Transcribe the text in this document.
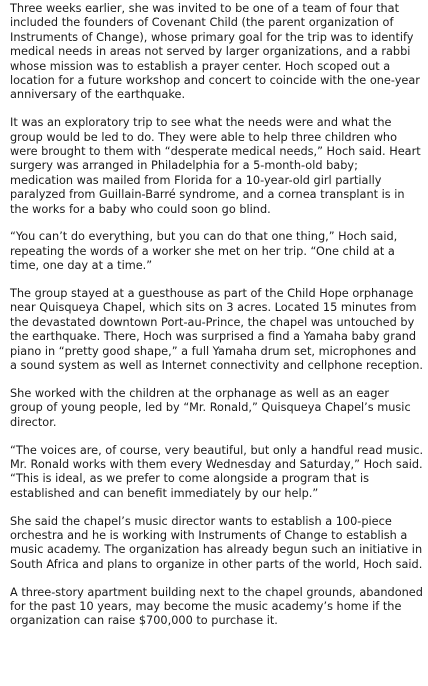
Three weeks earlier, she was invited to be one of a team of four that included the founders of Covenant Child (the parent organization of Instruments of Change), whose primary goal for the trip was to identify medical needs in areas not served by larger organizations, and a rabbi whose mission was to establish a prayer center. Hoch scoped out a location for a future workshop and concert to coincide with the one-year anniversary of the earthquake.

It was an exploratory trip to see what the needs were and what the group would be led to do. They were able to help three children who were brought to them with “desperate medical needs,” Hoch said. Heart surgery was arranged in Philadelphia for a 5-month-old baby; medication was mailed from Florida for a 10-year-old girl partially paralyzed from Guillain-Barré syndrome, and a cornea transplant is in the works for a baby who could soon go blind.

“You can’t do everything, but you can do that one thing,” Hoch said, repeating the words of a worker she met on her trip. “One child at a time, one day at a time.”

The group stayed at a guesthouse as part of the Child Hope orphanage near Quisqueya Chapel, which sits on 3 acres. Located 15 minutes from the devastated downtown Port-au-Prince, the chapel was untouched by the earthquake. There, Hoch was surprised a find a Yamaha baby grand piano in “pretty good shape,” a full Yamaha drum set, microphones and a sound system as well as Internet connectivity and cellphone reception.

She worked with the children at the orphanage as well as an eager group of young people, led by “Mr. Ronald,” Quisqueya Chapel’s music director.

“The voices are, of course, very beautiful, but only a handful read music. Mr. Ronald works with them every Wednesday and Saturday,” Hoch said. “This is ideal, as we prefer to come alongside a program that is established and can benefit immediately by our help.”

She said the chapel’s music director wants to establish a 100-piece orchestra and he is working with Instruments of Change to establish a music academy. The organization has already begun such an initiative in South Africa and plans to organize in other parts of the world, Hoch said.

A three-story apartment building next to the chapel grounds, abandoned for the past 10 years, may become the music academy’s home if the organization can raise $700,000 to purchase it.
